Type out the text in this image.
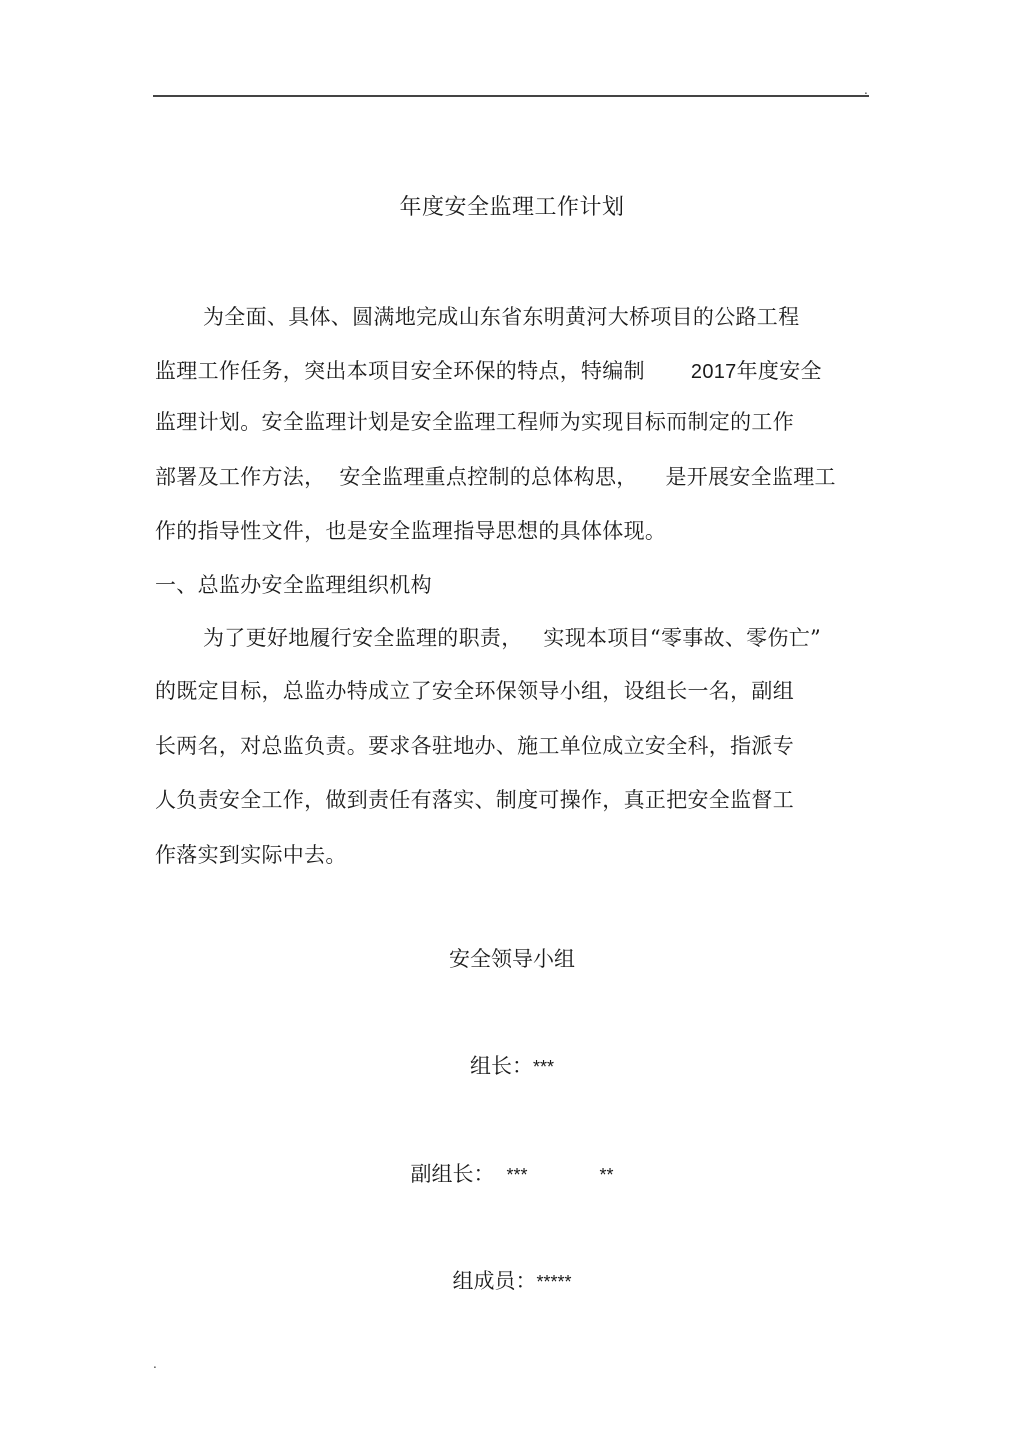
.
年度安全监理工作计划
为全面、具体、圆满地完成山东省东明黄河大桥项目的公路工程
监理工作任务，突出本项目安全环保的特点，特编制 2017年度安全
监理计划。安全监理计划是安全监理工程师为实现目标而制定的工作
部署及工作方法，  安全监理重点控制的总体构思，    是开展安全监理工
作的指导性文件，也是安全监理指导思想的具体体现。
一、总监办安全监理组织机构
为了更好地履行安全监理的职责，   实现本项目“零事故、零伤亡”
的既定目标，总监办特成立了安全环保领导小组，设组长一名，副组
长两名，对总监负责。要求各驻地办、施工单位成立安全科，指派专
人负责安全工作，做到责任有落实、制度可操作，真正把安全监督工
作落实到实际中去。
安全领导小组
组长：***
副组长： ***	**
组成员：*****
.
